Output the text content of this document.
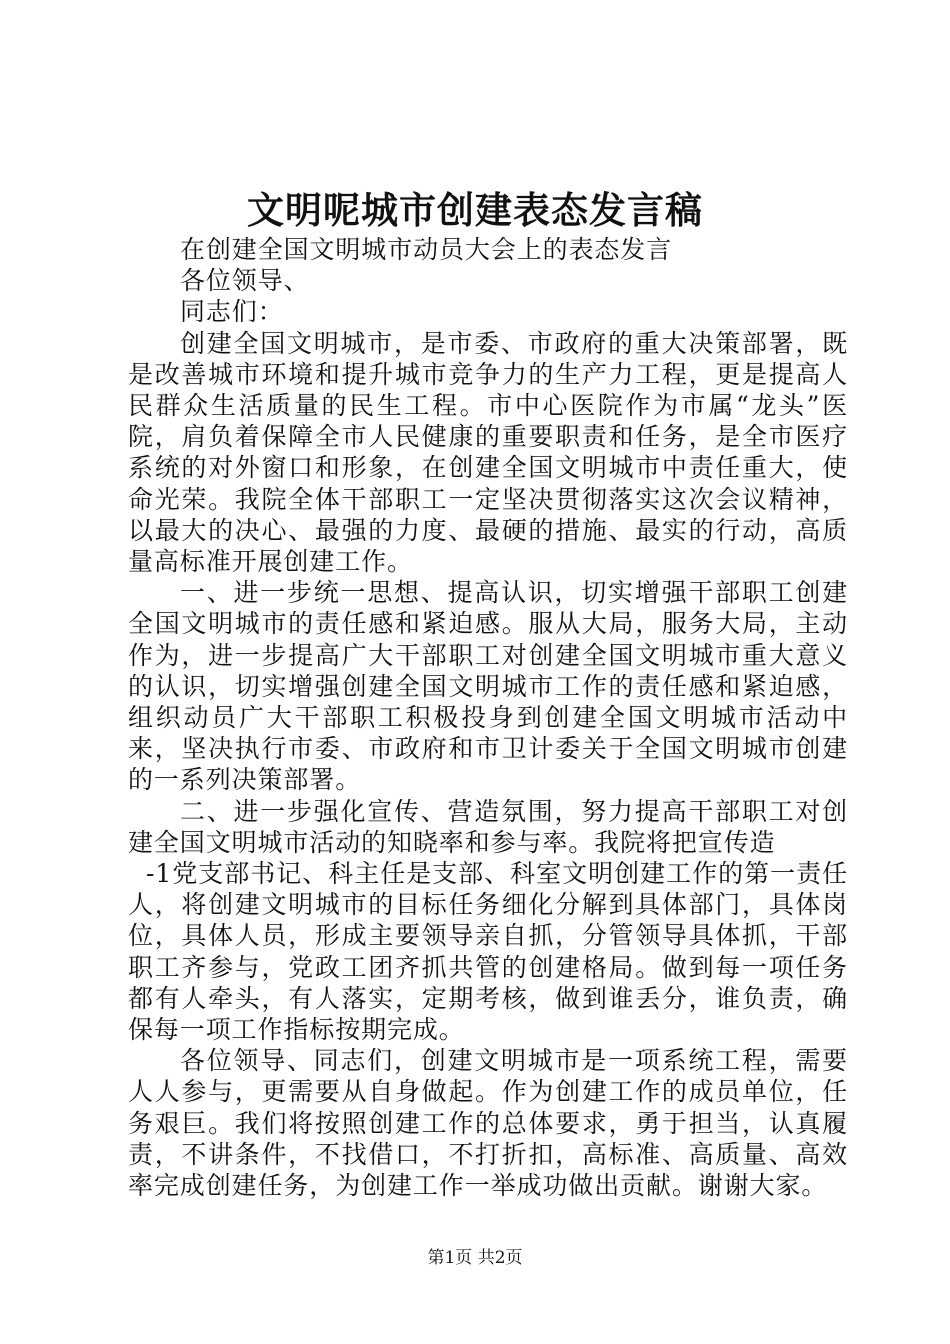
文明呢城市创建表态发言稿

在创建全国文明城市动员大会上的表态发言

各位领导、

同志们：

创建全国文明城市，是市委、市政府的重大决策部署，既是改善城市环境和提升城市竞争力的生产力工程，更是提高人民群众生活质量的民生工程。市中心医院作为市属“龙头”医院，肩负着保障全市人民健康的重要职责和任务，是全市医疗系统的对外窗口和形象，在创建全国文明城市中责任重大，使命光荣。我院全体干部职工一定坚决贯彻落实这次会议精神，以最大的决心、最强的力度、最硬的措施、最实的行动，高质量高标准开展创建工作。

一、进一步统一思想、提高认识，切实增强干部职工创建全国文明城市的责任感和紧迫感。服从大局，服务大局，主动作为，进一步提高广大干部职工对创建全国文明城市重大意义的认识，切实增强创建全国文明城市工作的责任感和紧迫感，组织动员广大干部职工积极投身到创建全国文明城市活动中来，坚决执行市委、市政府和市卫计委关于全国文明城市创建的一系列决策部署。

二、进一步强化宣传、营造氛围，努力提高干部职工对创建全国文明城市活动的知晓率和参与率。我院将把宣传造

-1党支部书记、科主任是支部、科室文明创建工作的第一责任人，将创建文明城市的目标任务细化分解到具体部门，具体岗位，具体人员，形成主要领导亲自抓，分管领导具体抓，干部职工齐参与，党政工团齐抓共管的创建格局。做到每一项任务都有人牵头，有人落实，定期考核，做到谁丢分，谁负责，确保每一项工作指标按期完成。

各位领导、同志们，创建文明城市是一项系统工程，需要人人参与，更需要从自身做起。作为创建工作的成员单位，任务艰巨。我们将按照创建工作的总体要求，勇于担当，认真履责，不讲条件，不找借口，不打折扣，高标准、高质量、高效率完成创建任务，为创建工作一举成功做出贡献。谢谢大家。

第1页 共2页
